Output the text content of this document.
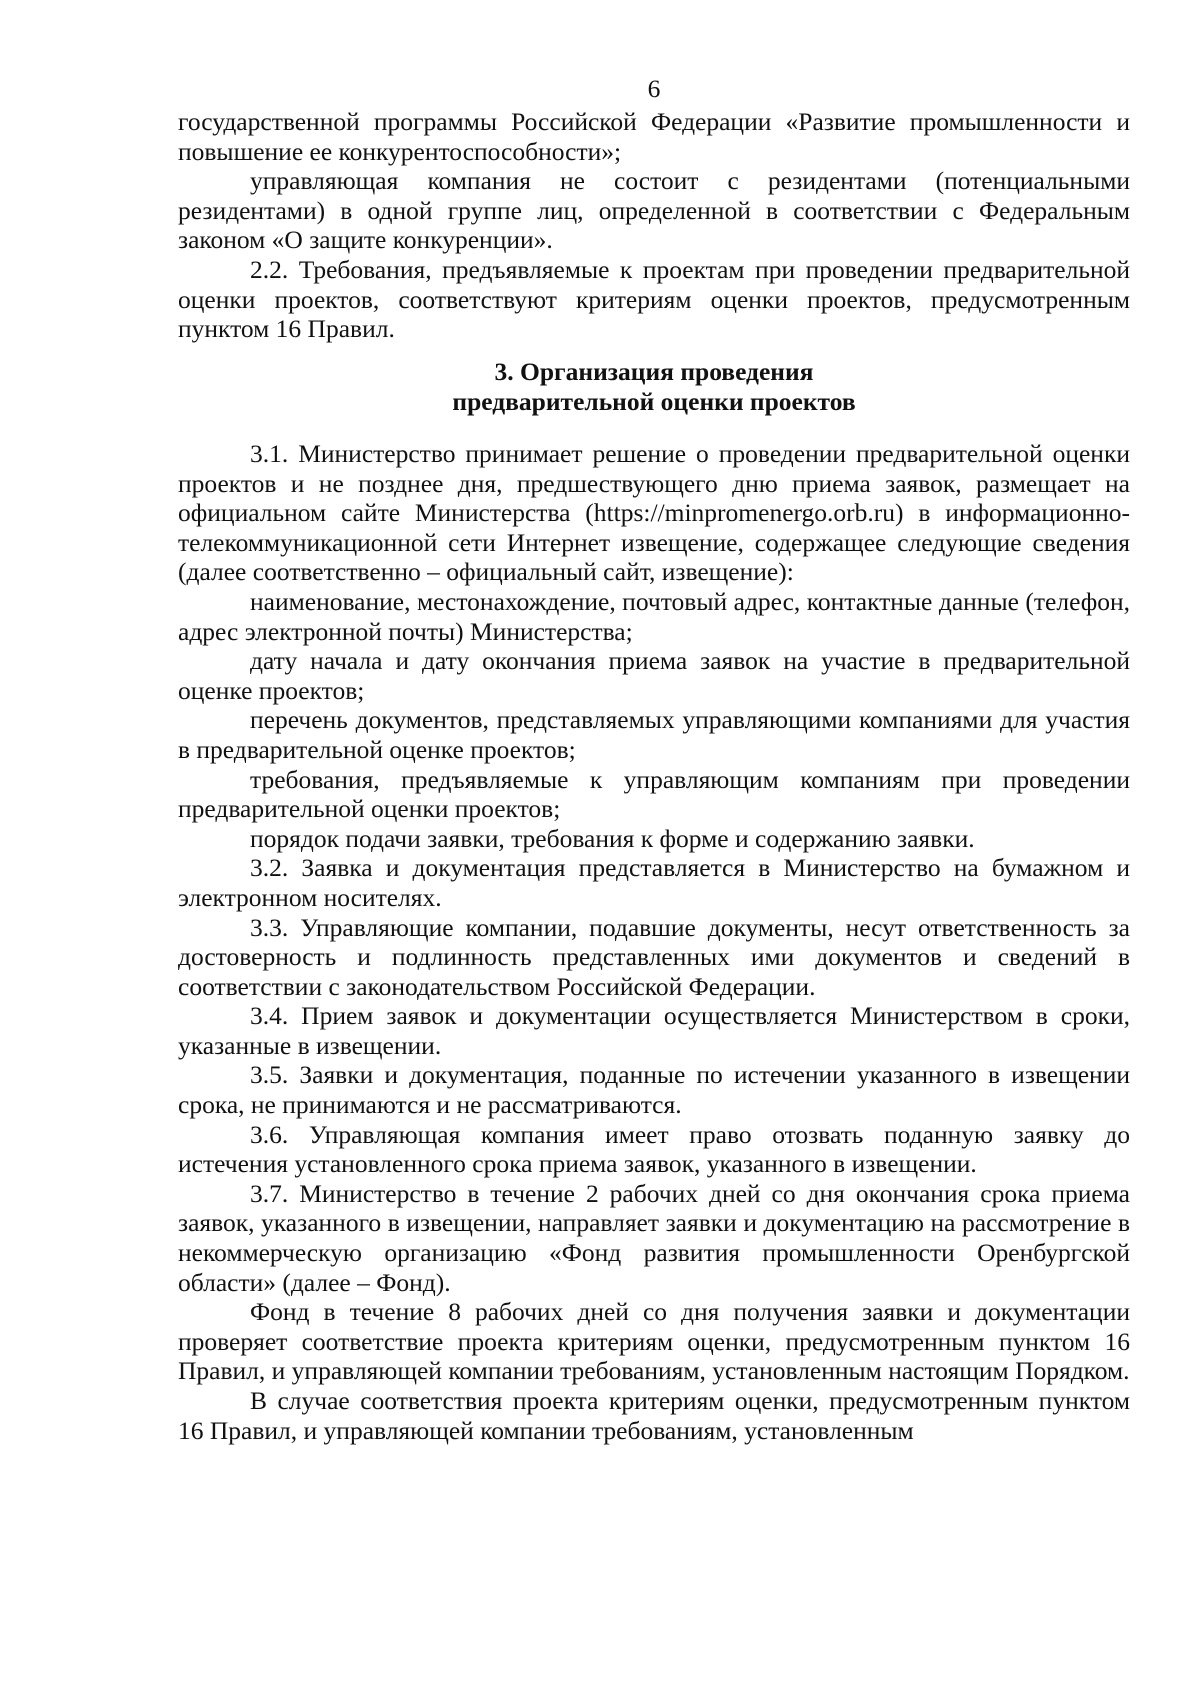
6

государственной программы Российской Федерации «Развитие промышленности и повышение ее конкурентоспособности»;

управляющая компания не состоит с резидентами (потенциальными резидентами) в одной группе лиц, определенной в соответствии с Федеральным законом «О защите конкуренции».

2.2. Требования, предъявляемые к проектам при проведении предварительной оценки проектов, соответствуют критериям оценки проектов, предусмотренным пунктом 16 Правил.

3. Организация проведения
предварительной оценки проектов

3.1. Министерство принимает решение о проведении предварительной оценки проектов и не позднее дня, предшествующего дню приема заявок, размещает на официальном сайте Министерства (https://minpromenergo.orb.ru) в информационно-телекоммуникационной сети Интернет извещение, содержащее следующие сведения (далее соответственно – официальный сайт, извещение):

наименование, местонахождение, почтовый адрес, контактные данные (телефон, адрес электронной почты) Министерства;

дату начала и дату окончания приема заявок на участие в предварительной оценке проектов;

перечень документов, представляемых управляющими компаниями для участия в предварительной оценке проектов;

требования, предъявляемые к управляющим компаниям при проведении предварительной оценки проектов;

порядок подачи заявки, требования к форме и содержанию заявки.

3.2. Заявка и документация представляется в Министерство на бумажном и электронном носителях.

3.3. Управляющие компании, подавшие документы, несут ответственность за достоверность и подлинность представленных ими документов и сведений в соответствии с законодательством Российской Федерации.

3.4. Прием заявок и документации осуществляется Министерством в сроки, указанные в извещении.

3.5. Заявки и документация, поданные по истечении указанного в извещении срока, не принимаются и не рассматриваются.

3.6. Управляющая компания имеет право отозвать поданную заявку до истечения установленного срока приема заявок, указанного в извещении.

3.7. Министерство в течение 2 рабочих дней со дня окончания срока приема заявок, указанного в извещении, направляет заявки и документацию на рассмотрение в некоммерческую организацию «Фонд развития промышленности Оренбургской области» (далее – Фонд).

Фонд в течение 8 рабочих дней со дня получения заявки и документации проверяет соответствие проекта критериям оценки, предусмотренным пунктом 16 Правил, и управляющей компании требованиям, установленным настоящим Порядком.

В случае соответствия проекта критериям оценки, предусмотренным пунктом 16 Правил, и управляющей компании требованиям, установленным
